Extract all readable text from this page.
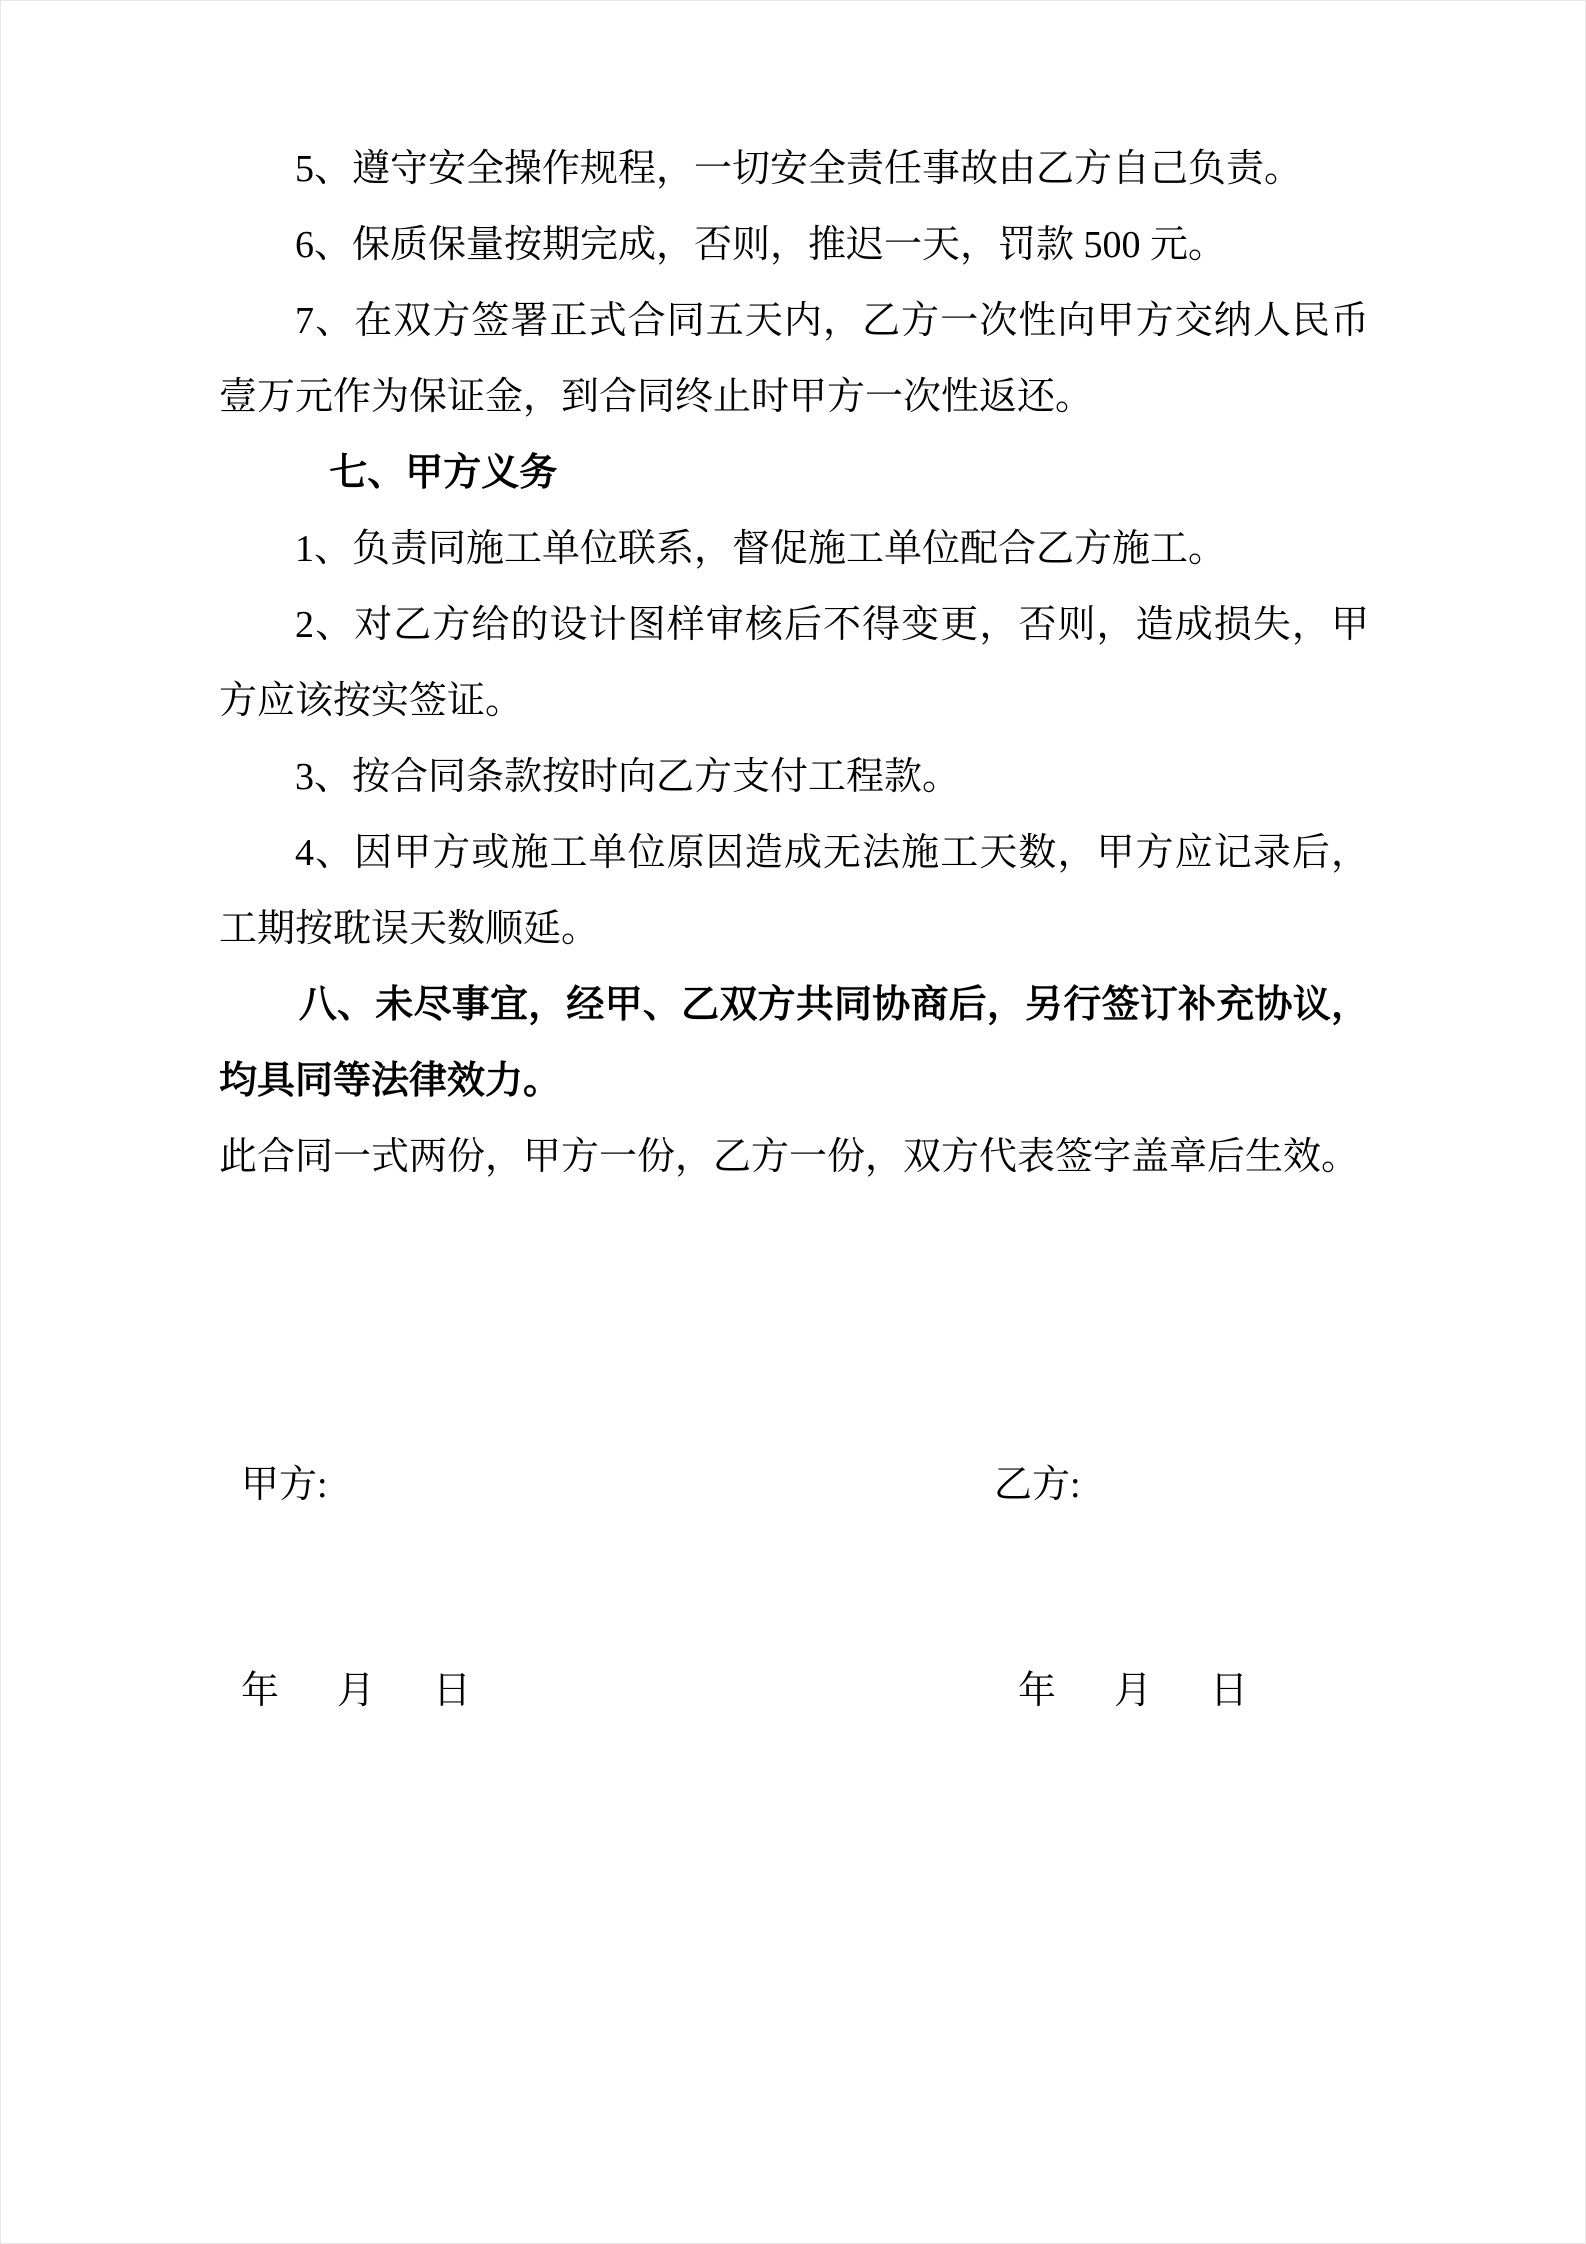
5、遵守安全操作规程，一切安全责任事故由乙方自己负责。

6、保质保量按期完成，否则，推迟一天，罚款 500 元。

7、在双方签署正式合同五天内，乙方一次性向甲方交纳人民币壹万元作为保证金，到合同终止时甲方一次性返还。

七、甲方义务

1、负责同施工单位联系，督促施工单位配合乙方施工。

2、对乙方给的设计图样审核后不得变更，否则，造成损失，甲方应该按实签证。

3、按合同条款按时向乙方支付工程款。

4、因甲方或施工单位原因造成无法施工天数，甲方应记录后，工期按耽误天数顺延。

八、未尽事宜，经甲、乙双方共同协商后，另行签订补充协议，均具同等法律效力。

此合同一式两份，甲方一份，乙方一份，双方代表签字盖章后生效。

甲方:	乙方:
年　月　日	年　月　日
